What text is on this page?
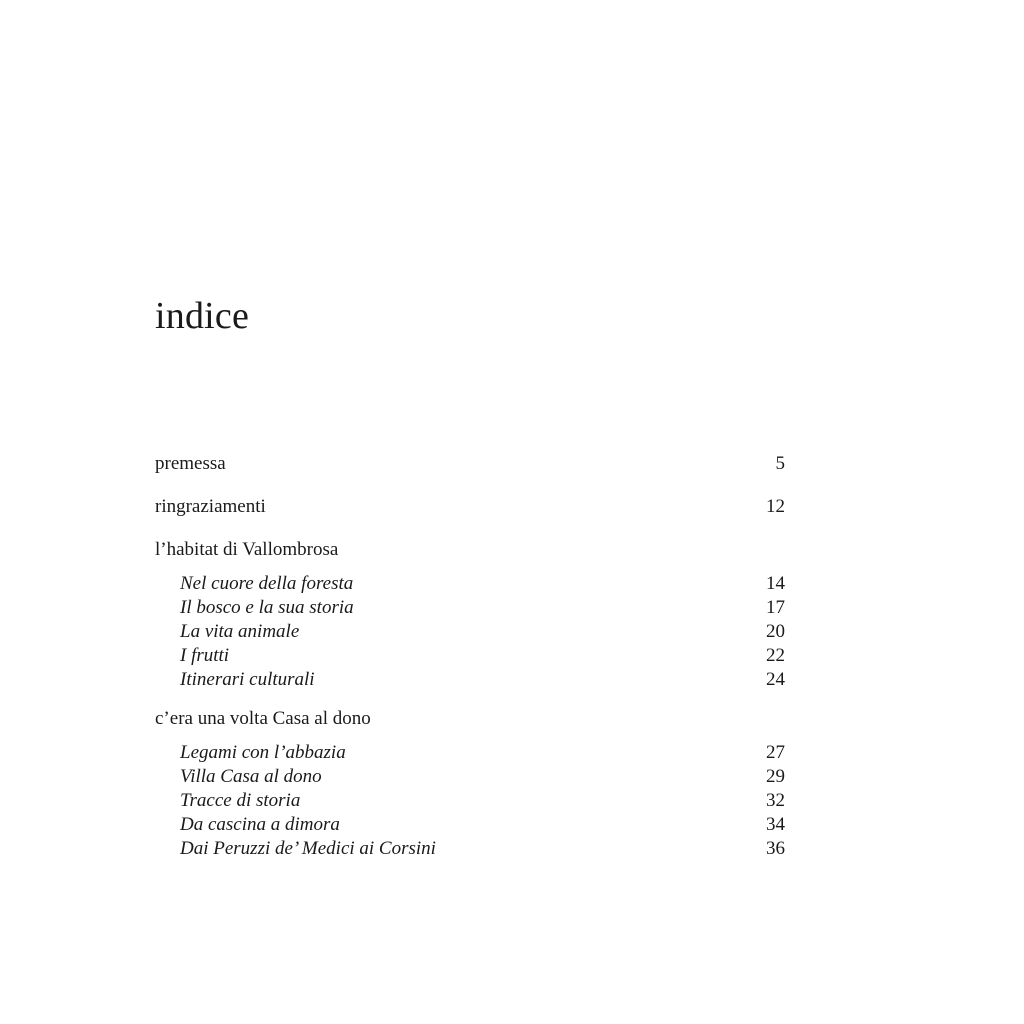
indice
premessa	5
ringraziamenti	12
l’habitat di Vallombrosa
Nel cuore della foresta	14
Il bosco e la sua storia	17
La vita animale	20
I frutti	22
Itinerari culturali	24
c’era una volta Casa al dono
Legami con l’abbazia	27
Villa Casa al dono	29
Tracce di storia	32
Da cascina a dimora	34
Dai Peruzzi de’ Medici ai Corsini	36
